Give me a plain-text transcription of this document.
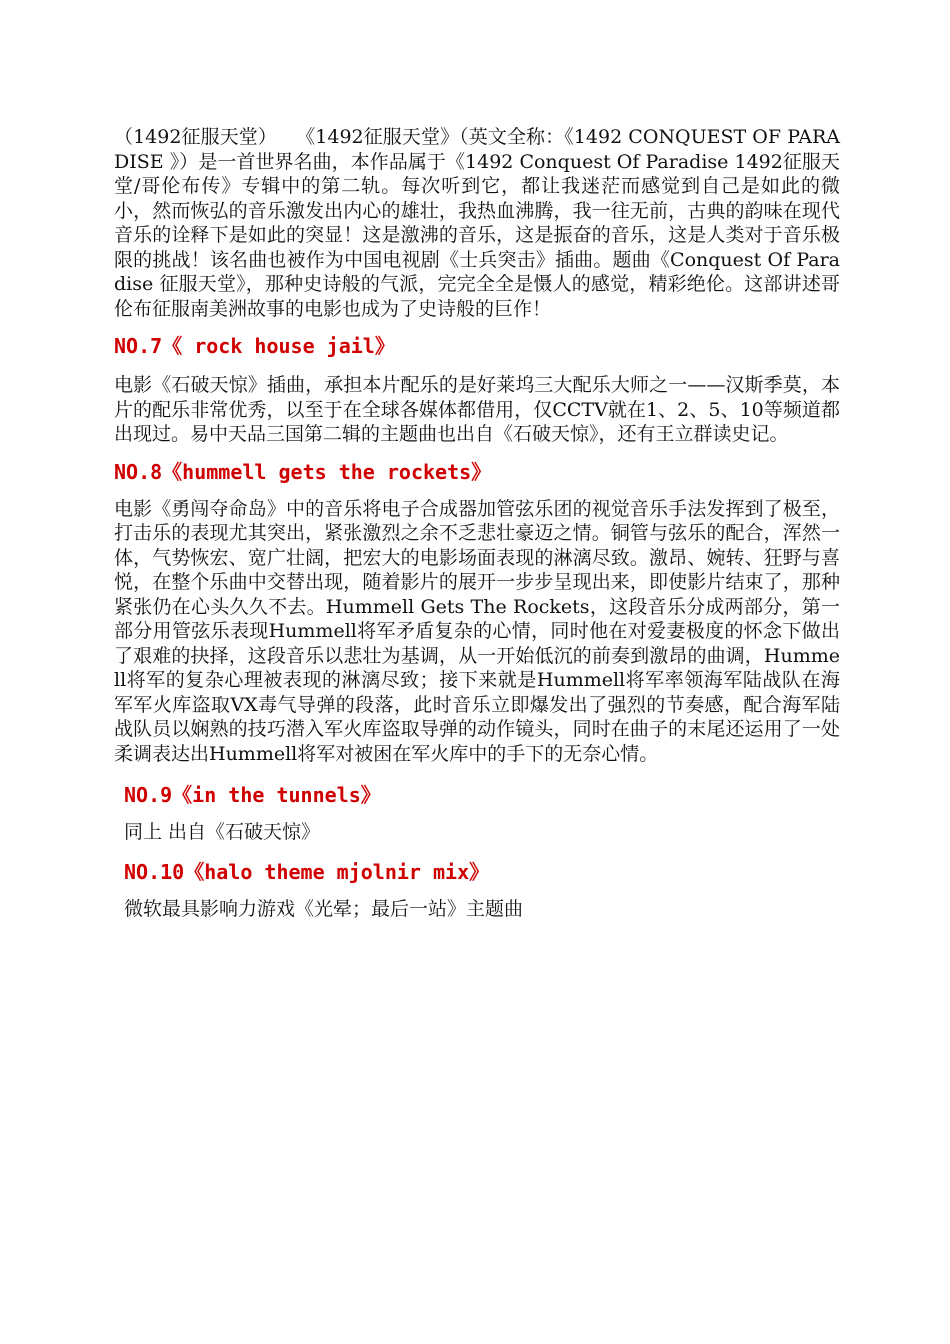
（1492征服天堂）　　《1492征服天堂》（英文全称：《1492 CONQUEST OF PARADISE 》）是一首世界名曲，本作品属于《1492 Conquest Of Paradise 1492征服天堂/哥伦布传》专辑中的第二轨。每次听到它，都让我迷茫而感觉到自己是如此的微小，然而恢弘的音乐激发出内心的雄壮，我热血沸腾，我一往无前，古典的韵味在现代音乐的诠释下是如此的突显！这是激沸的音乐，这是振奋的音乐，这是人类对于音乐极限的挑战！该名曲也被作为中国电视剧《士兵突击》插曲。题曲《Conquest Of Paradise 征服天堂》，那种史诗般的气派，完完全全是慑人的感觉，精彩绝伦。这部讲述哥伦布征服南美洲故事的电影也成为了史诗般的巨作！

NO.7《 rock house jail》

电影《石破天惊》插曲，承担本片配乐的是好莱坞三大配乐大师之一——汉斯季莫，本片的配乐非常优秀，以至于在全球各媒体都借用，仅CCTV就在1、2、5、10等频道都出现过。易中天品三国第二辑的主题曲也出自《石破天惊》，还有王立群读史记。

NO.8《hummell gets the rockets》

电影《勇闯夺命岛》中的音乐将电子合成器加管弦乐团的视觉音乐手法发挥到了极至，打击乐的表现尤其突出，紧张激烈之余不乏悲壮豪迈之情。铜管与弦乐的配合，浑然一体，气势恢宏、宽广壮阔，把宏大的电影场面表现的淋漓尽致。激昂、婉转、狂野与喜悦，在整个乐曲中交替出现，随着影片的展开一步步呈现出来，即使影片结束了，那种紧张仍在心头久久不去。Hummell Gets The Rockets，这段音乐分成两部分，第一部分用管弦乐表现Hummell将军矛盾复杂的心情，同时他在对爱妻极度的怀念下做出了艰难的抉择，这段音乐以悲壮为基调，从一开始低沉的前奏到激昂的曲调，Hummell将军的复杂心理被表现的淋漓尽致；接下来就是Hummell将军率领海军陆战队在海军军火库盗取VX毒气导弹的段落，此时音乐立即爆发出了强烈的节奏感，配合海军陆战队员以娴熟的技巧潜入军火库盗取导弹的动作镜头，同时在曲子的末尾还运用了一处柔调表达出Hummell将军对被困在军火库中的手下的无奈心情。

NO.9《in the tunnels》

同上 出自《石破天惊》

NO.10《halo theme mjolnir mix》

微软最具影响力游戏《光晕；最后一站》主题曲
